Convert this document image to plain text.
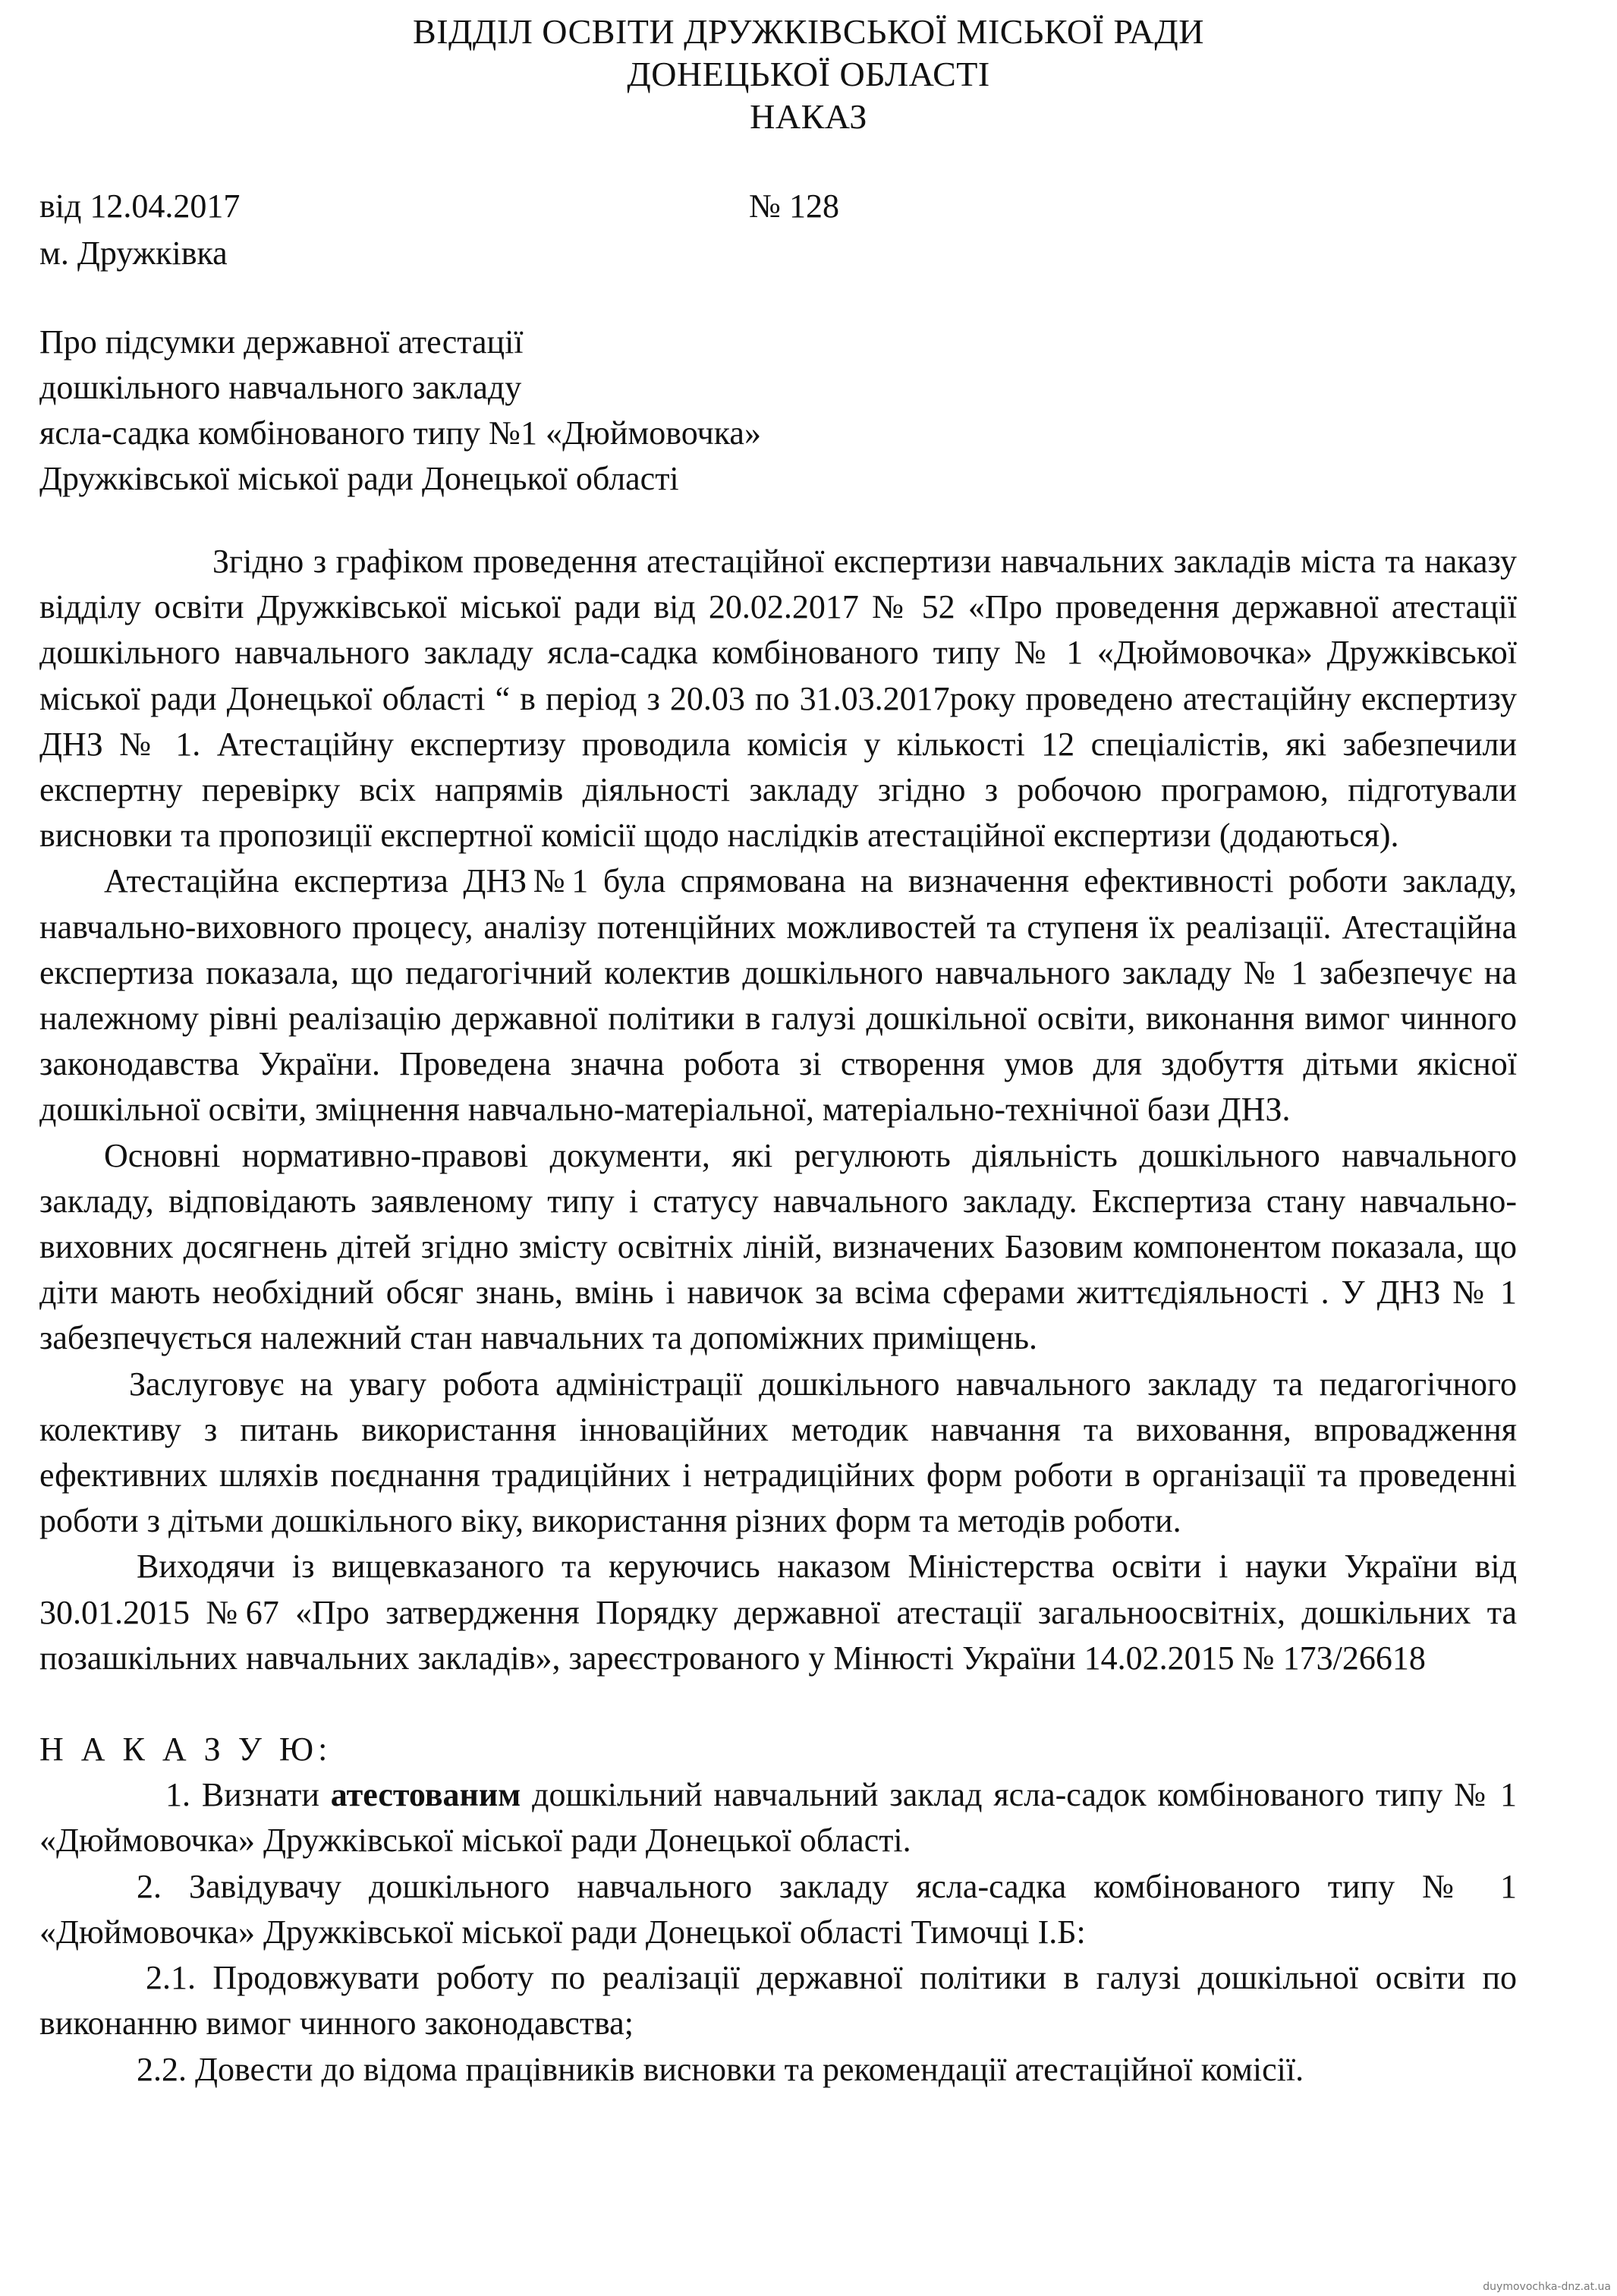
ВІДДІЛ ОСВІТИ ДРУЖКІВСЬКОЇ МІСЬКОЇ РАДИ
ДОНЕЦЬКОЇ ОБЛАСТІ
НАКАЗ
від 12.04.2017	№ 128
м. Дружківка
Про підсумки державної атестації
дошкільного навчального закладу
ясла-садка комбінованого типу №1 «Дюймовочка»
Дружківської міської ради Донецької області

Згідно з графіком проведення атестаційної експертизи навчальних закладів міста та наказу відділу освіти Дружківської міської ради від 20.02.2017 № 52 «Про проведення державної атестації дошкільного навчального закладу ясла-садка комбінованого типу № 1 «Дюймовочка» Дружківської міської ради Донецької області “ в період з 20.03 по 31.03.2017року проведено атестаційну експертизу ДНЗ № 1. Атестаційну експертизу проводила комісія у кількості 12 спеціалістів, які забезпечили експертну перевірку всіх напрямів діяльності закладу згідно з робочою програмою, підготували висновки та пропозиції експертної комісії щодо наслідків атестаційної експертизи (додаються).

Атестаційна експертиза ДНЗ№1 була спрямована на визначення ефективності роботи закладу, навчально-виховного процесу, аналізу потенційних можливостей та ступеня їх реалізації. Атестаційна експертиза показала, що педагогічний колектив дошкільного навчального закладу № 1 забезпечує на належному рівні реалізацію державної політики в галузі дошкільної освіти, виконання вимог чинного законодавства України. Проведена значна робота зі створення умов для здобуття дітьми якісної дошкільної освіти, зміцнення навчально-матеріальної, матеріально-технічної бази ДНЗ.

Основні нормативно-правові документи, які регулюють діяльність дошкільного навчального закладу, відповідають заявленому типу і статусу навчального закладу. Експертиза стану навчально-виховних досягнень дітей згідно змісту освітніх ліній, визначених Базовим компонентом показала, що діти мають необхідний обсяг знань, вмінь і навичок за всіма сферами життєдіяльності . У ДНЗ № 1 забезпечується належний стан навчальних та допоміжних приміщень.

Заслуговує на увагу робота адміністрації дошкільного навчального закладу та педагогічного колективу з питань використання інноваційних методик навчання та виховання, впровадження ефективних шляхів поєднання традиційних і нетрадиційних форм роботи в організації та проведенні роботи з дітьми дошкільного віку, використання різних форм та методів роботи.

Виходячи із вищевказаного та керуючись наказом Міністерства освіти і науки України від 30.01.2015 №67 «Про затвердження Порядку державної атестації загальноосвітніх, дошкільних та позашкільних навчальних закладів», зареєстрованого у Мінюсті України 14.02.2015 № 173/26618

Н А К А З У Ю:

1. Визнати атестованим дошкільний навчальний заклад ясла-садок комбінованого типу № 1 «Дюймовочка» Дружківської міської ради Донецької області.

2. Завідувачу дошкільного навчального закладу ясла-садка комбінованого типу № 1 «Дюймовочка» Дружківської міської ради Донецької області Тимочці І.Б:

2.1. Продовжувати роботу по реалізації державної політики в галузі дошкільної освіти по виконанню вимог чинного законодавства;

2.2. Довести до відома працівників висновки та рекомендації атестаційної комісії.

duymovochka-dnz.at.ua
